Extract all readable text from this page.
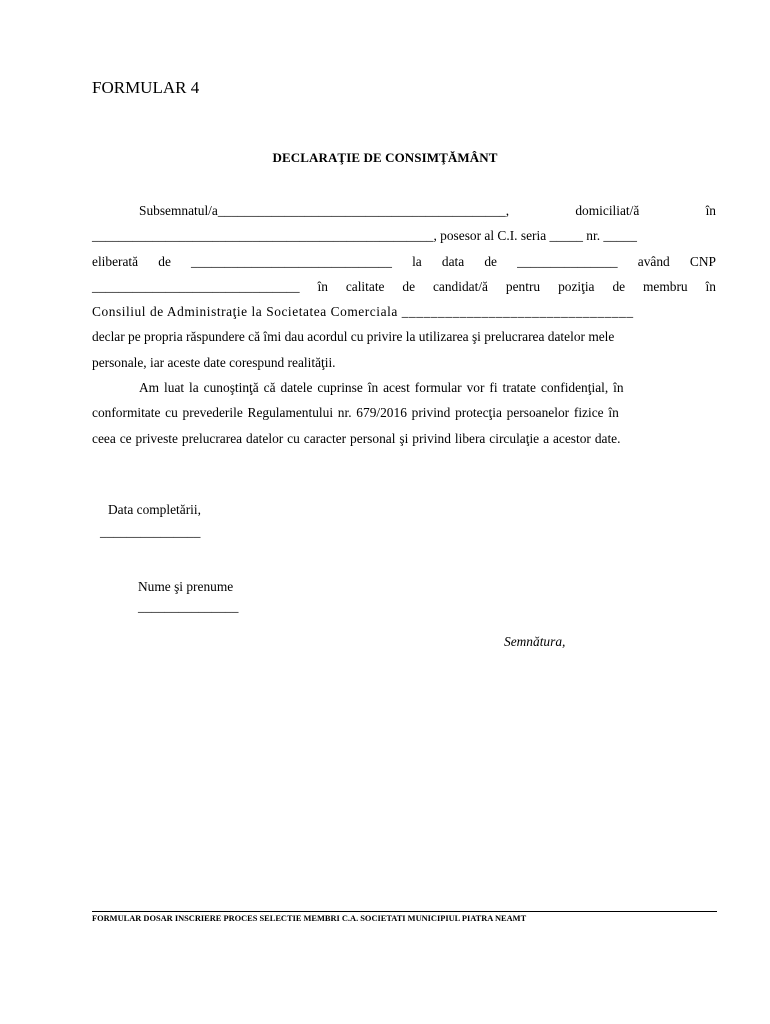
FORMULAR 4
DECLARAŢIE DE CONSIMŢĂMÂNT
Subsemnatul/a___________________________________________,	domiciliat/ă	în
___________________________________________________, posesor al C.I. seria _____ nr. _____
eliberată de ______________________________ la data de _______________ având CNP
_______________________________ în calitate de candidat/ă pentru poziţia de membru în
Consiliul de Administraţie la Societatea Comerciala ________________________________
declar pe propria răspundere că îmi dau acordul cu privire la utilizarea şi prelucrarea datelor mele
personale, iar aceste date corespund realităţii.
Am luat la cunoştinţă că datele cuprinse în acest formular vor fi tratate confidenţial, în
conformitate cu prevederile Regulamentului nr. 679/2016 privind protecţia persoanelor fizice în
ceea ce priveste prelucrarea datelor cu caracter personal şi privind libera circulaţie a acestor date.
Data completării,
_______________
Nume şi prenume
_______________
Semnătura,
FORMULAR DOSAR INSCRIERE PROCES SELECTIE MEMBRI C.A. SOCIETATI MUNICIPIUL PIATRA NEAMT
